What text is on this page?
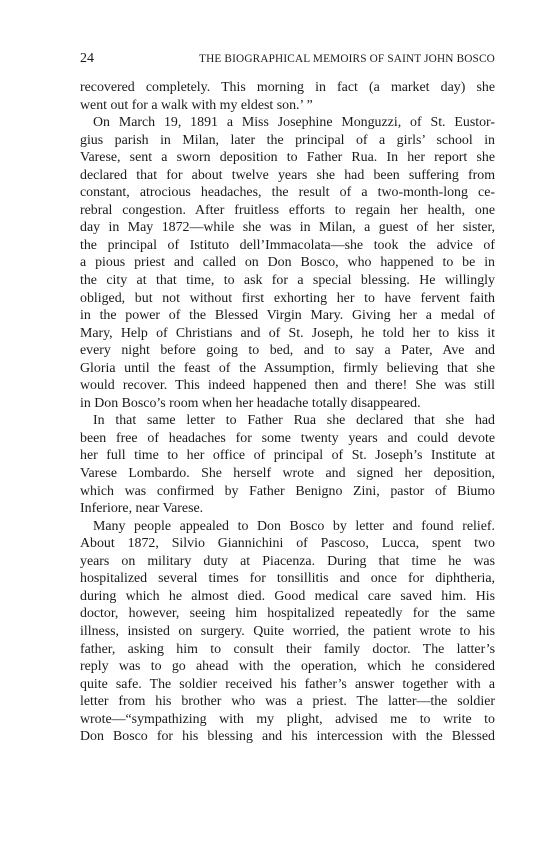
24	THE BIOGRAPHICAL MEMOIRS OF SAINT JOHN BOSCO
recovered completely. This morning in fact (a market day) she
went out for a walk with my eldest son.’ ”
On March 19, 1891 a Miss Josephine Monguzzi, of St. Eustor-
gius parish in Milan, later the principal of a girls’ school in
Varese, sent a sworn deposition to Father Rua. In her report she
declared that for about twelve years she had been suffering from
constant, atrocious headaches, the result of a two-month-long ce-
rebral congestion. After fruitless efforts to regain her health, one
day in May 1872—while she was in Milan, a guest of her sister,
the principal of Istituto dell’Immacolata—she took the advice of
a pious priest and called on Don Bosco, who happened to be in
the city at that time, to ask for a special blessing. He willingly
obliged, but not without first exhorting her to have fervent faith
in the power of the Blessed Virgin Mary. Giving her a medal of
Mary, Help of Christians and of St. Joseph, he told her to kiss it
every night before going to bed, and to say a Pater, Ave and
Gloria until the feast of the Assumption, firmly believing that she
would recover. This indeed happened then and there! She was still
in Don Bosco’s room when her headache totally disappeared.
In that same letter to Father Rua she declared that she had
been free of headaches for some twenty years and could devote
her full time to her office of principal of St. Joseph’s Institute at
Varese Lombardo. She herself wrote and signed her deposition,
which was confirmed by Father Benigno Zini, pastor of Biumo
Inferiore, near Varese.
Many people appealed to Don Bosco by letter and found relief.
About 1872, Silvio Giannichini of Pascoso, Lucca, spent two
years on military duty at Piacenza. During that time he was
hospitalized several times for tonsillitis and once for diphtheria,
during which he almost died. Good medical care saved him. His
doctor, however, seeing him hospitalized repeatedly for the same
illness, insisted on surgery. Quite worried, the patient wrote to his
father, asking him to consult their family doctor. The latter’s
reply was to go ahead with the operation, which he considered
quite safe. The soldier received his father’s answer together with a
letter from his brother who was a priest. The latter—the soldier
wrote—“sympathizing with my plight, advised me to write to
Don Bosco for his blessing and his intercession with the Blessed
